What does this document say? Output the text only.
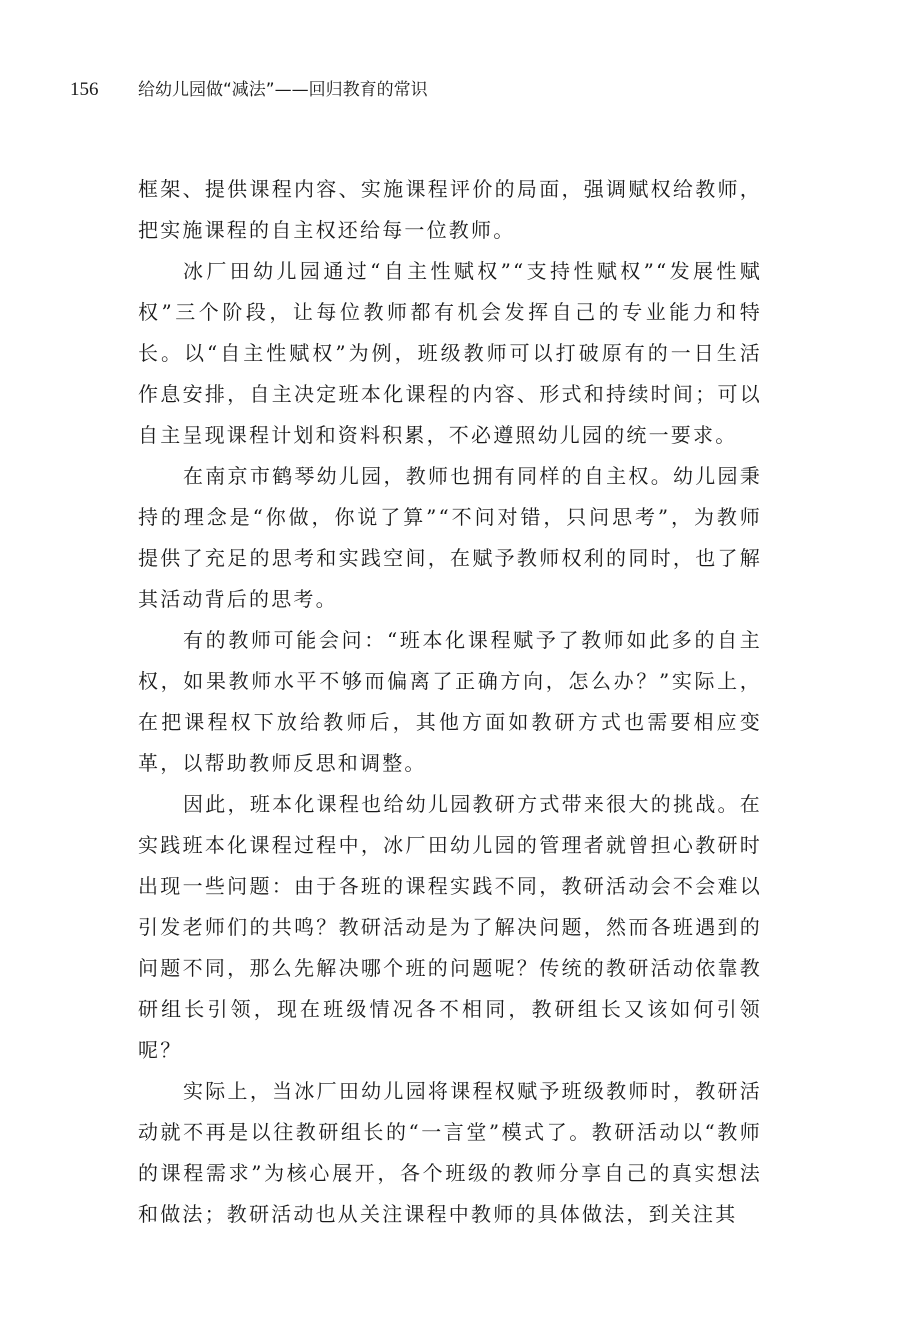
156 给幼儿园做“减法”——回归教育的常识

框架、提供课程内容、实施课程评价的局面，强调赋权给教师，把实施课程的自主权还给每一位教师。

冰厂田幼儿园通过“自主性赋权”“支持性赋权”“发展性赋权”三个阶段，让每位教师都有机会发挥自己的专业能力和特长。以“自主性赋权”为例，班级教师可以打破原有的一日生活作息安排，自主决定班本化课程的内容、形式和持续时间；可以自主呈现课程计划和资料积累，不必遵照幼儿园的统一要求。

在南京市鹤琴幼儿园，教师也拥有同样的自主权。幼儿园秉持的理念是“你做，你说了算”“不问对错，只问思考”，为教师提供了充足的思考和实践空间，在赋予教师权利的同时，也了解其活动背后的思考。

有的教师可能会问：“班本化课程赋予了教师如此多的自主权，如果教师水平不够而偏离了正确方向，怎么办？”实际上，在把课程权下放给教师后，其他方面如教研方式也需要相应变革，以帮助教师反思和调整。

因此，班本化课程也给幼儿园教研方式带来很大的挑战。在实践班本化课程过程中，冰厂田幼儿园的管理者就曾担心教研时出现一些问题：由于各班的课程实践不同，教研活动会不会难以引发老师们的共鸣？教研活动是为了解决问题，然而各班遇到的问题不同，那么先解决哪个班的问题呢？传统的教研活动依靠教研组长引领，现在班级情况各不相同，教研组长又该如何引领呢？

实际上，当冰厂田幼儿园将课程权赋予班级教师时，教研活动就不再是以往教研组长的“一言堂”模式了。教研活动以“教师的课程需求”为核心展开，各个班级的教师分享自己的真实想法和做法；教研活动也从关注课程中教师的具体做法，到关注其
